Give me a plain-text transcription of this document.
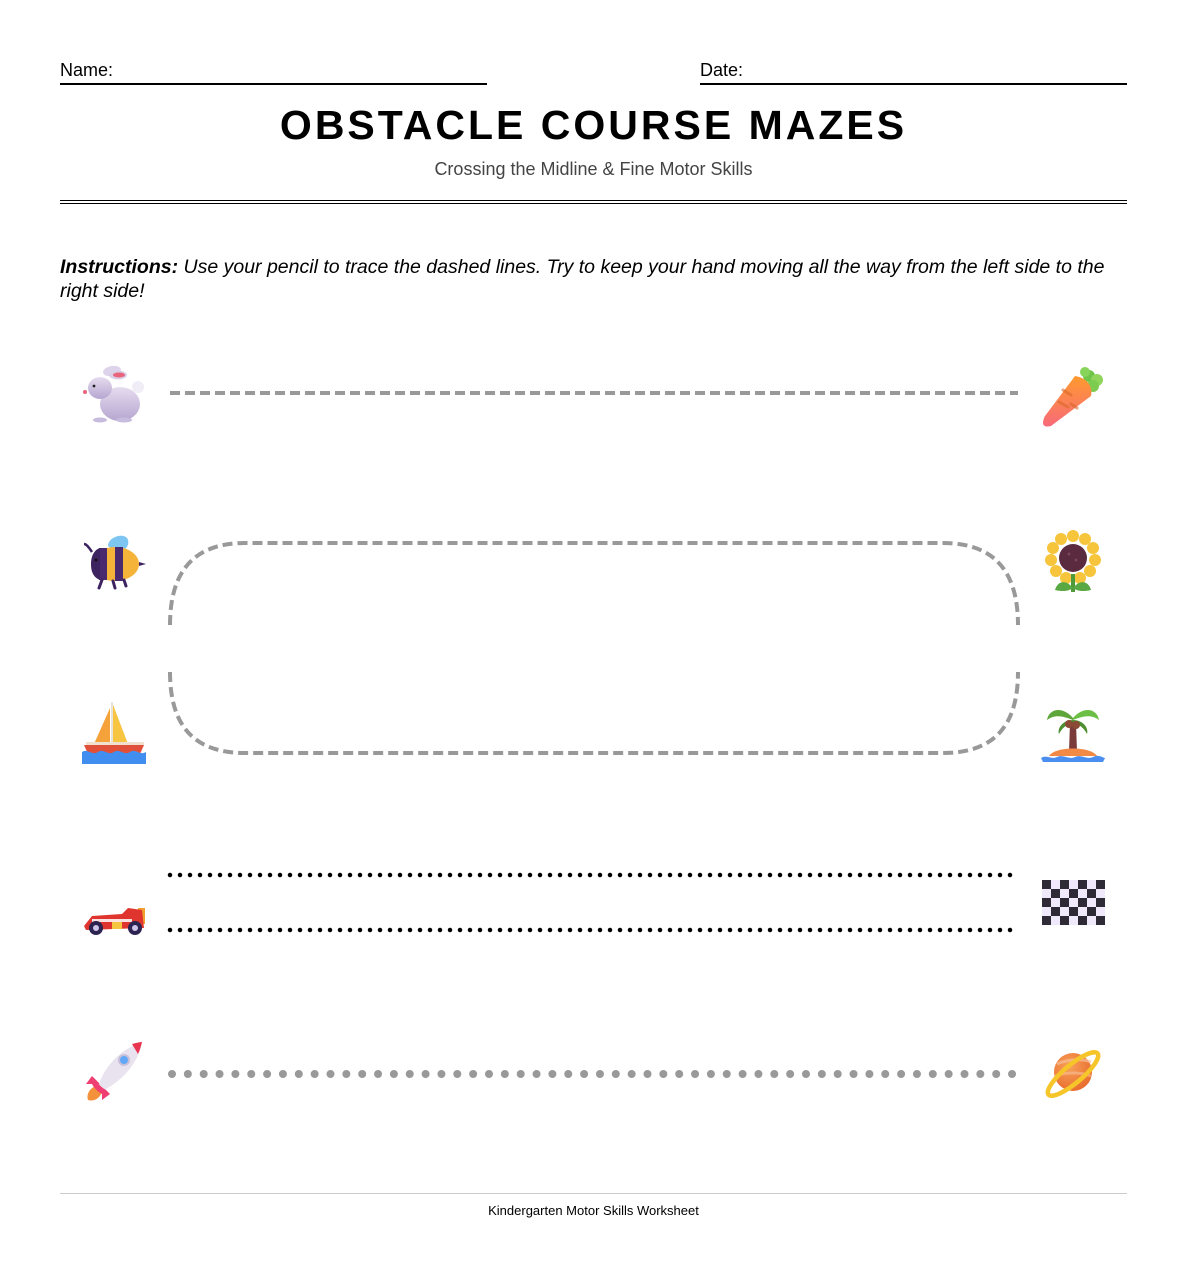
Name:	Date:
OBSTACLE COURSE MAZES
Crossing the Midline & Fine Motor Skills
Instructions: Use your pencil to trace the dashed lines. Try to keep your hand moving all the way from the left side to the right side!
Kindergarten Motor Skills Worksheet
